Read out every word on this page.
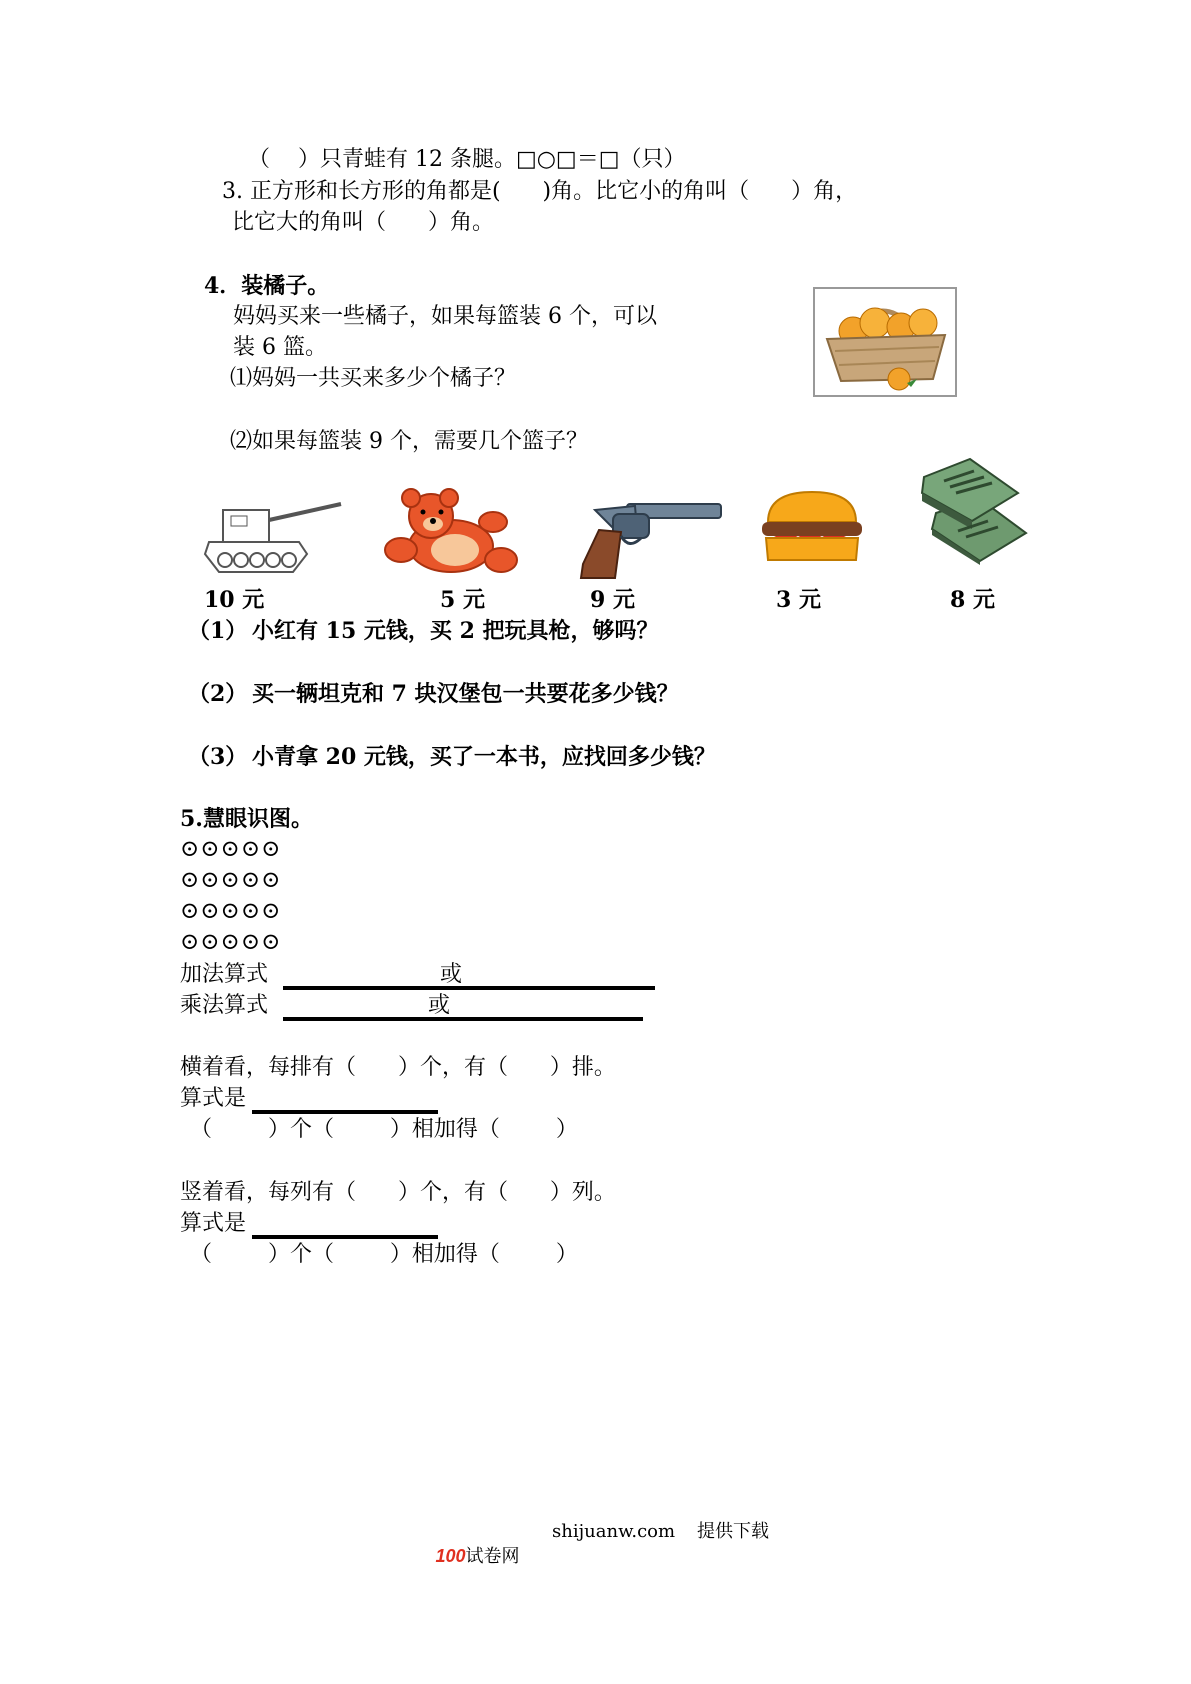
（    ）只青蛙有 12 条腿。□○□＝□（只）
3. 正方形和长方形的角都是(      )角。比它小的角叫（      ）角，
比它大的角叫（      ）角。
4．装橘子。
妈妈买来一些橘子，如果每篮装 6 个，可以
装 6 篮。
⑴妈妈一共买来多少个橘子？
⑵如果每篮装 9 个，需要几个篮子？
10 元	5 元	9 元	3 元	8 元
（1） 小红有 15 元钱，买 2 把玩具枪，够吗？
（2） 买一辆坦克和 7 块汉堡包一共要花多少钱？
（3） 小青拿 20 元钱，买了一本书，应找回多少钱？
5.慧眼识图。
⊙⊙⊙⊙⊙
⊙⊙⊙⊙⊙
⊙⊙⊙⊙⊙
⊙⊙⊙⊙⊙
加法算式	或
乘法算式	或
横着看，每排有（      ）个，有（      ）排。
算式是
（        ）个（        ）相加得（        ）
竖着看，每列有（      ）个，有（      ）列。
算式是
（        ）个（        ）相加得（        ）

100试卷网

shijuanw.com 提供下载
